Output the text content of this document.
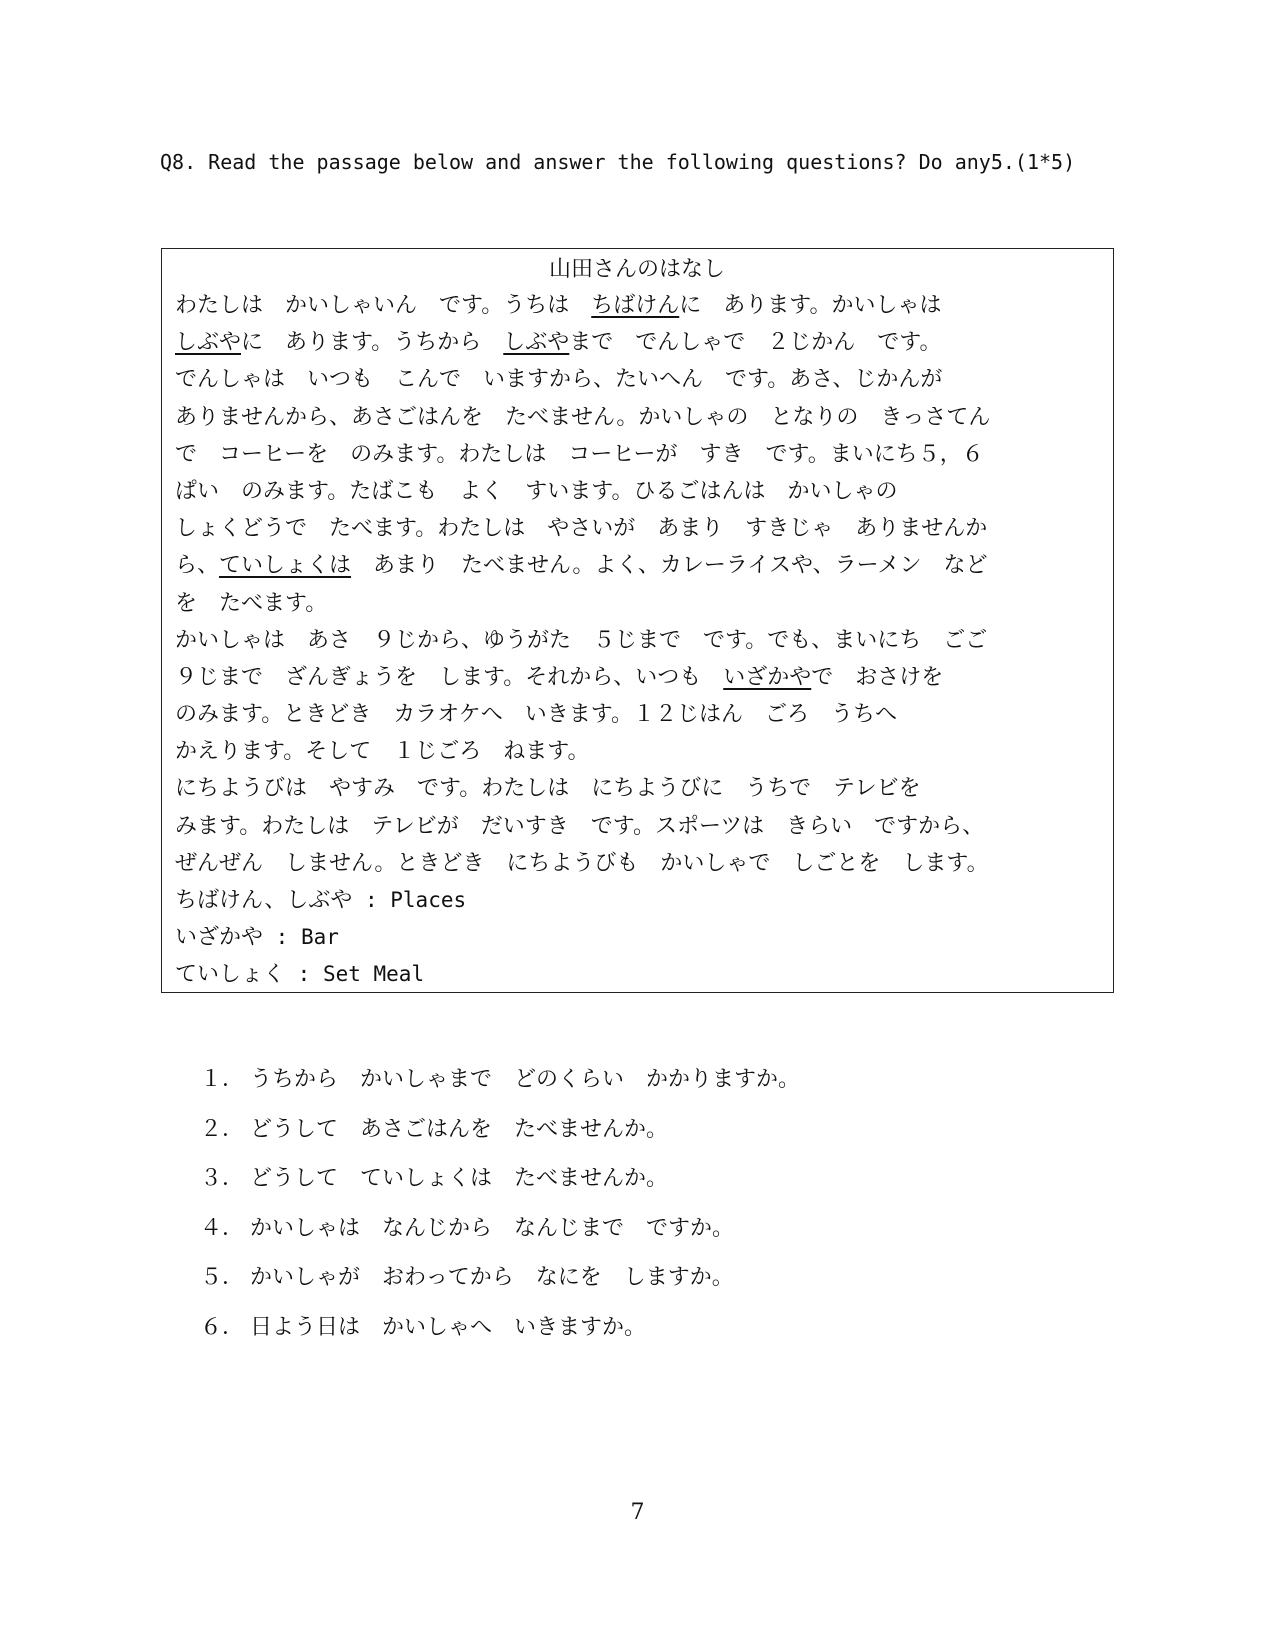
Q8. Read the passage below and answer the following questions? Do any5.(1*5)
山田さんのはなし
わたしは　かいしゃいん　です。うちは　ちばけんに　あります。かいしゃは
しぶやに　あります。うちから　しぶやまで　でんしゃで　２じかん　です。
でんしゃは　いつも　こんで　いますから、たいへん　です。あさ、じかんが
ありませんから、あさごはんを　たべません。かいしゃの　となりの　きっさてん
で　コーヒーを　のみます。わたしは　コーヒーが　すき　です。まいにち５，６
ぱい　のみます。たばこも　よく　すいます。ひるごはんは　かいしゃの
しょくどうで　たべます。わたしは　やさいが　あまり　すきじゃ　ありませんか
ら、ていしょくは　あまり　たべません。よく、カレーライスや、ラーメン　など
を　たべます。
かいしゃは　あさ　９じから、ゆうがた　５じまで　です。でも、まいにち　ごご
９じまで　ざんぎょうを　します。それから、いつも　いざかやで　おさけを
のみます。ときどき　カラオケへ　いきます。１２じはん　ごろ　うちへ
かえります。そして　１じごろ　ねます。
にちようびは　やすみ　です。わたしは　にちようびに　うちで　テレビを
みます。わたしは　テレビが　だいすき　です。スポーツは　きらい　ですから、
ぜんぜん　しません。ときどき　にちようびも　かいしゃで　しごとを　します。
ちばけん、しぶや : Places
いざかや : Bar
ていしょく : Set Meal
１． うちから　かいしゃまで　どのくらい　かかりますか。
２． どうして　あさごはんを　たべませんか。
３． どうして　ていしょくは　たべませんか。
４． かいしゃは　なんじから　なんじまで　ですか。
５． かいしゃが　おわってから　なにを　しますか。
６． 日よう日は　かいしゃへ　いきますか。
7
